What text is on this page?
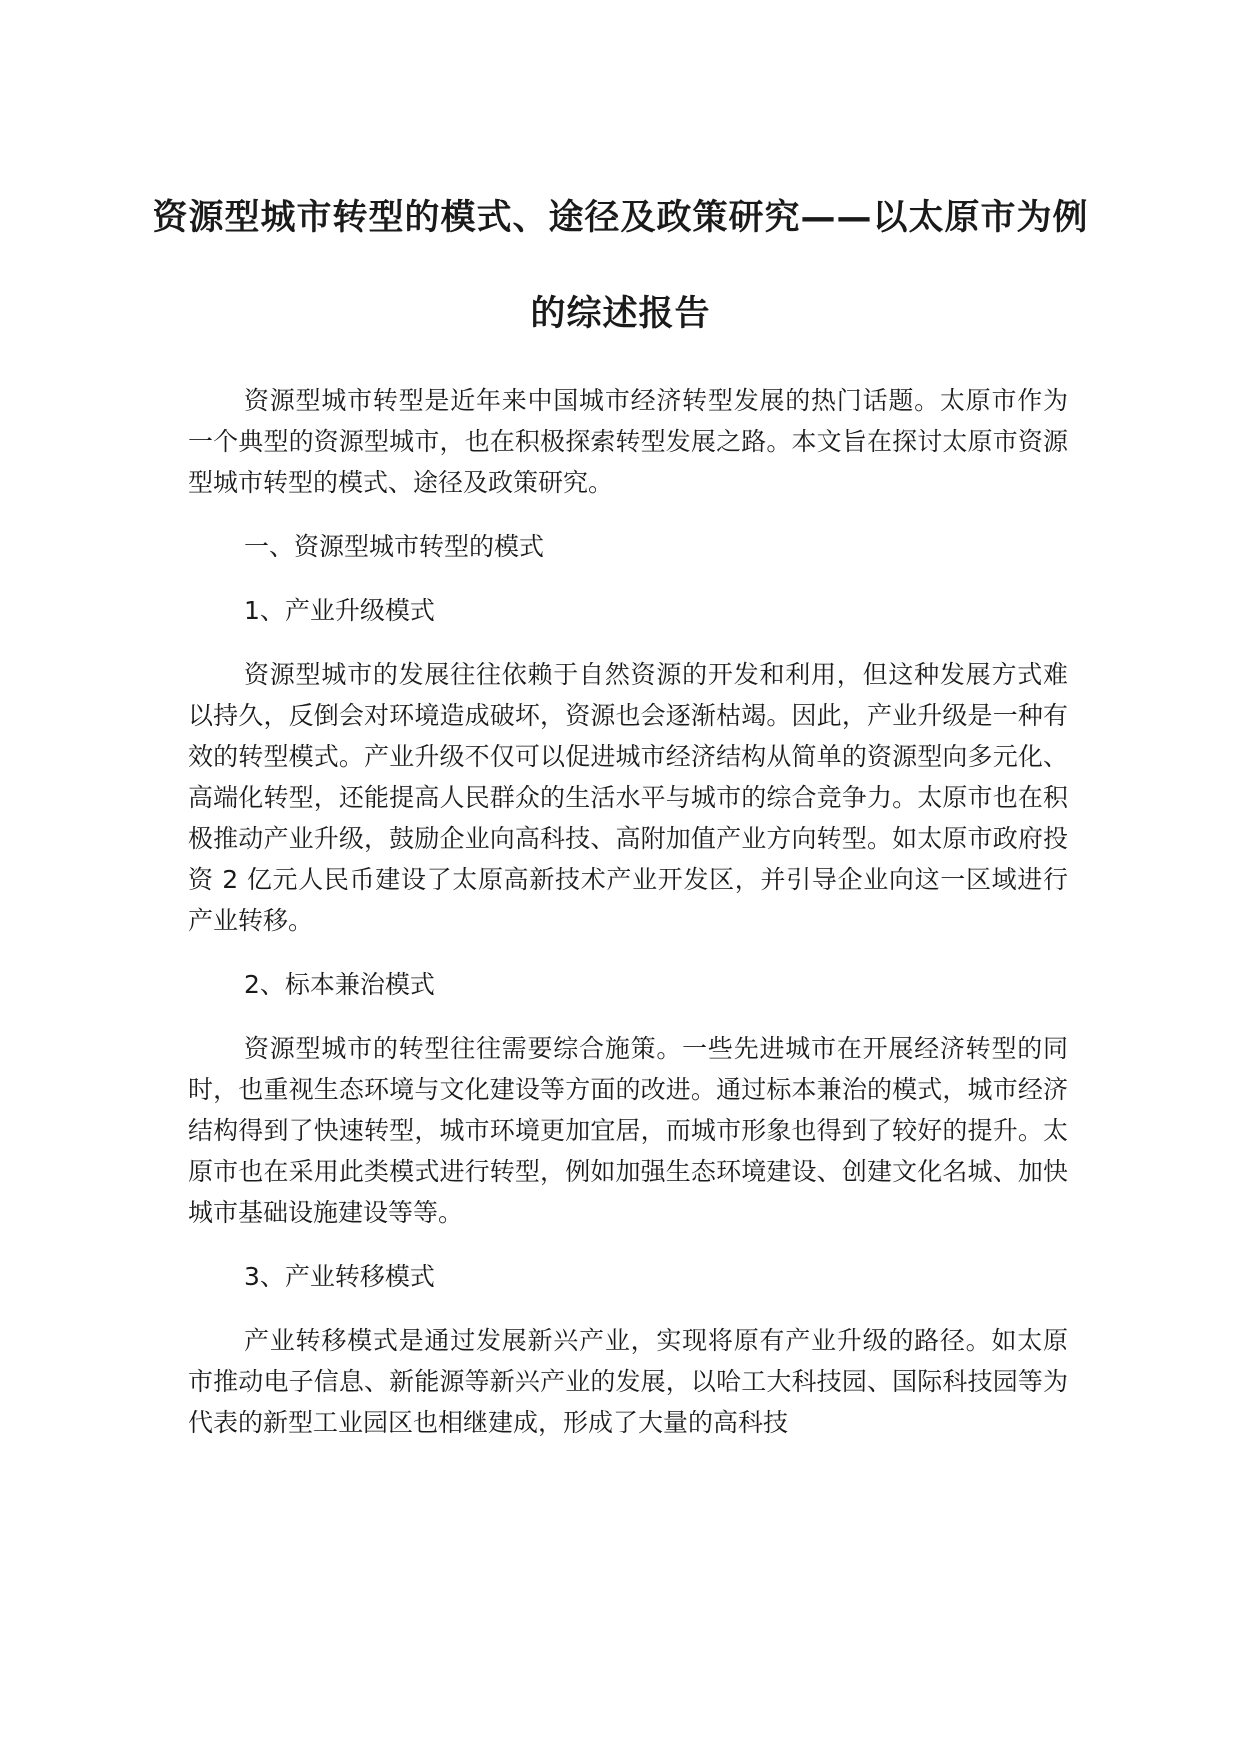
资源型城市转型的模式、途径及政策研究——以太原市为例的综述报告

资源型城市转型是近年来中国城市经济转型发展的热门话题。太原市作为一个典型的资源型城市，也在积极探索转型发展之路。本文旨在探讨太原市资源型城市转型的模式、途径及政策研究。

一、资源型城市转型的模式

1、产业升级模式

资源型城市的发展往往依赖于自然资源的开发和利用，但这种发展方式难以持久，反倒会对环境造成破坏，资源也会逐渐枯竭。因此，产业升级是一种有效的转型模式。产业升级不仅可以促进城市经济结构从简单的资源型向多元化、高端化转型，还能提高人民群众的生活水平与城市的综合竞争力。太原市也在积极推动产业升级，鼓励企业向高科技、高附加值产业方向转型。如太原市政府投资 2 亿元人民币建设了太原高新技术产业开发区，并引导企业向这一区域进行产业转移。

2、标本兼治模式

资源型城市的转型往往需要综合施策。一些先进城市在开展经济转型的同时，也重视生态环境与文化建设等方面的改进。通过标本兼治的模式，城市经济结构得到了快速转型，城市环境更加宜居，而城市形象也得到了较好的提升。太原市也在采用此类模式进行转型，例如加强生态环境建设、创建文化名城、加快城市基础设施建设等等。

3、产业转移模式

产业转移模式是通过发展新兴产业，实现将原有产业升级的路径。如太原市推动电子信息、新能源等新兴产业的发展，以哈工大科技园、国际科技园等为代表的新型工业园区也相继建成，形成了大量的高科技
